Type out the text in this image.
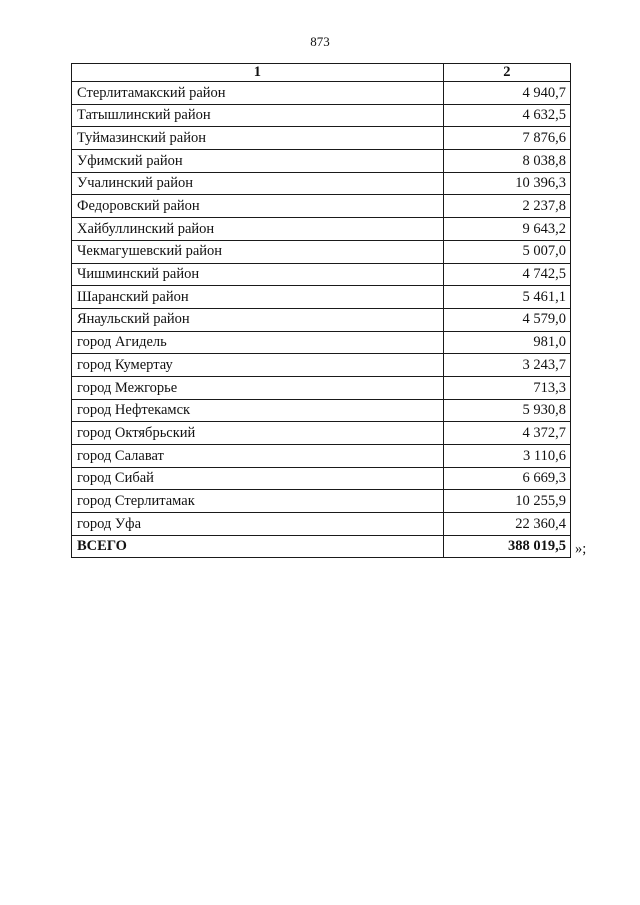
873
1	2
Стерлитамакский район	4 940,7
Татышлинский район	4 632,5
Туймазинский район	7 876,6
Уфимский район	8 038,8
Учалинский район	10 396,3
Федоровский район	2 237,8
Хайбуллинский район	9 643,2
Чекмагушевский район	5 007,0
Чишминский район	4 742,5
Шаранский район	5 461,1
Янаульский район	4 579,0
город Агидель	981,0
город Кумертау	3 243,7
город Межгорье	713,3
город Нефтекамск	5 930,8
город Октябрьский	4 372,7
город Салават	3 110,6
город Сибай	6 669,3
город Стерлитамак	10 255,9
город Уфа	22 360,4
ВСЕГО	388 019,5 »;
